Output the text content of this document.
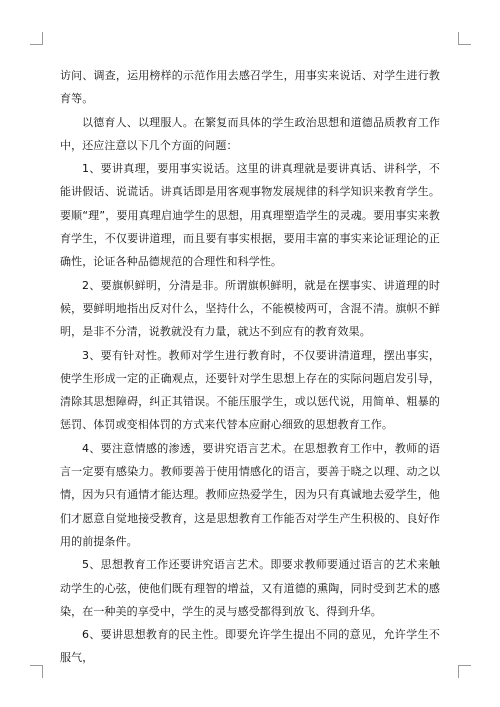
访问、调查，运用榜样的示范作用去感召学生，用事实来说话、对学生进行教育等。

以德育人、以理服人。在繁复而具体的学生政治思想和道德品质教育工作中，还应注意以下几个方面的问题：

1、要讲真理，要用事实说话。这里的讲真理就是要讲真话、讲科学，不能讲假话、说谎话。讲真话即是用客观事物发展规律的科学知识来教育学生。要顺“理”，要用真理启迪学生的思想，用真理塑造学生的灵魂。要用事实来教育学生，不仅要讲道理，而且要有事实根据，要用丰富的事实来论证理论的正确性，论证各种品德规范的合理性和科学性。

2、要旗帜鲜明，分清是非。所谓旗帜鲜明，就是在摆事实、讲道理的时候，要鲜明地指出反对什么，坚持什么，不能模棱两可，含混不清。旗帜不鲜明，是非不分清，说教就没有力量，就达不到应有的教育效果。

3、要有针对性。教师对学生进行教育时，不仅要讲清道理，摆出事实，使学生形成一定的正确观点，还要针对学生思想上存在的实际问题启发引导，清除其思想障碍，纠正其错误。不能压服学生，或以惩代说，用简单、粗暴的惩罚、体罚或变相体罚的方式来代替本应耐心细致的思想教育工作。

4、要注意情感的渗透，要讲究语言艺术。在思想教育工作中，教师的语言一定要有感染力。教师要善于使用情感化的语言，要善于晓之以理、动之以情，因为只有通情才能达理。教师应热爱学生，因为只有真诚地去爱学生，他们才愿意自觉地接受教育，这是思想教育工作能否对学生产生积极的、良好作用的前提条件。

5、思想教育工作还要讲究语言艺术。即要求教师要通过语言的艺术来触动学生的心弦，使他们既有理智的增益，又有道德的熏陶，同时受到艺术的感染，在一种美的享受中，学生的灵与感受都得到放飞、得到升华。

6、要讲思想教育的民主性。即要允许学生提出不同的意见，允许学生不服气，
